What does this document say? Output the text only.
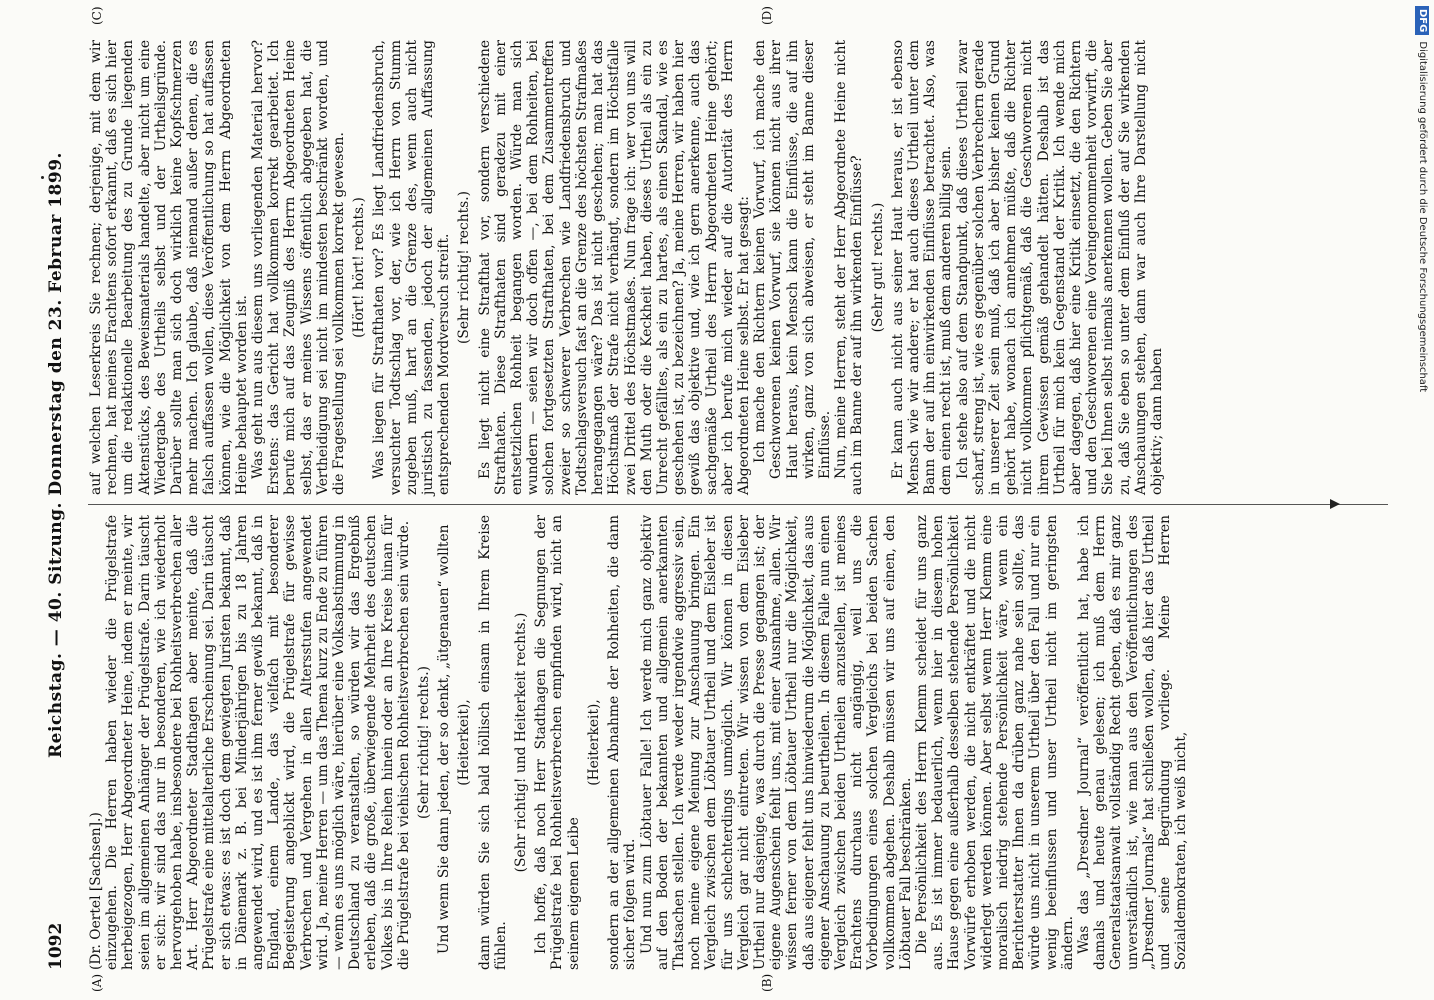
1092
Reichstag. — 40. Sitzung. Donnerstag den 23. Februar 1899.
(A)	(B)
(C)	(D)

(Dr. Oertel [Sachsen].) einzugehen. Die Herren haben wieder die Prügelstrafe herbeigezogen, Herr Abgeordneter Heine, indem er meinte, wir seien im allgemeinen Anhänger der Prügelstrafe. Darin täuscht er sich: wir sind das nur in besonderen, wie ich wiederholt hervorgehoben habe, insbesondere bei Rohheitsverbrechen aller Art. Herr Abgeordneter Stadthagen aber meinte, daß die Prügelstrafe eine mittelalterliche Erscheinung sei. Darin täuscht er sich etwas: es ist doch dem gewiegten Juristen bekannt, daß in Dänemark z. B. bei Minderjährigen bis zu 18 Jahren angewendet wird, und es ist ihm ferner gewiß bekannt, daß in England, einem Lande, das vielfach mit besonderer Begeisterung angeblickt wird, die Prügelstrafe für gewisse Verbrechen und Vergehen in allen Altersstufen angewendet wird. Ja, meine Herren — um das Thema kurz zu Ende zu führen — wenn es uns möglich wäre, hierüber eine Volksabstimmung in Deutschland zu veranstalten, so würden wir das Ergebniß erleben, daß die große, überwiegende Mehrheit des deutschen Volkes bis in Ihre Reihen hinein oder an Ihre Kreise hinan für die Prügelstrafe bei viehischen Rohheitsverbrechen sein würde. (Sehr richtig! rechts.) Und wenn Sie dann jeden, der so denkt, „ütgenauen“ wollten (Heiterkeit), dann würden Sie sich bald höllisch einsam in Ihrem Kreise fühlen.

(Sehr richtig! und Heiterkeit rechts.) Ich hoffe, daß noch Herr Stadthagen die Segnungen der Prügelstrafe bei Rohheitsverbrechen empfinden wird, nicht an seinem eigenen Leibe

(Heiterkeit), sondern an der allgemeinen Abnahme der Rohheiten, die dann sicher folgen wird. Und nun zum Löbtauer Falle! Ich werde mich ganz objektiv auf den Boden der bekannten und allgemein anerkannten Thatsachen stellen. Ich werde weder irgendwie aggressiv sein, noch meine eigene Meinung zur Anschauung bringen. Ein Vergleich zwischen dem Löbtauer Urtheil und dem Eisleber ist für uns schlechterdings unmöglich. Wir können in diesen Vergleich gar nicht eintreten. Wir wissen von dem Eisleber Urtheil nur dasjenige, was durch die Presse gegangen ist; der eigene Augenschein fehlt uns, mit einer Ausnahme, allen. Wir wissen ferner von dem Löbtauer Urtheil nur die Möglichkeit, daß aus eigener fehlt uns hinwiederum die Möglichkeit, das aus eigener Anschauung zu beurtheilen. In diesem Falle nun einen Vergleich zwischen beiden Urtheilen anzustellen, ist meines Erachtens durchaus nicht angängig, weil uns die Vorbedingungen eines solchen Vergleichs bei beiden Sachen vollkommen abgehen. Deshalb müssen wir uns auf einen, den Löbtauer Fall beschränken. Die Persönlichkeit des Herrn Klemm scheidet für uns ganz aus. Es ist immer bedauerlich, wenn hier in diesem hohen Hause gegen eine außerhalb desselben stehende Persönlichkeit Vorwürfe erhoben werden, die nicht entkräftet und die nicht widerlegt werden können. Aber selbst wenn Herr Klemm eine moralisch niedrig stehende Persönlichkeit wäre, wenn ein Berichterstatter Ihnen da drüben ganz nahe sein sollte, das würde uns nicht in unserem Urtheil über den Fall und nur ein wenig beeinflussen und unser Urtheil nicht im geringsten ändern. Was das „Dresdner Journal“ veröffentlicht hat, habe ich damals und heute genau gelesen; ich muß dem Herrn Generalstaatsanwalt vollständig Recht geben, daß es mir ganz unverständlich ist, wie man aus den Veröffentlichungen des „Dresdner Journals“ hat schließen wollen, daß hier das Urtheil und seine Begründung vorliege. Meine Herren Sozialdemokraten, ich weiß nicht,

auf welchen Leserkreis Sie rechnen; derjenige, mit dem wir rechnen, hat meines Erachtens sofort erkannt, daß es sich hier um die redaktionelle Bearbeitung des zu Grunde liegenden Aktenstücks, des Beweismaterials handelte, aber nicht um eine Wiedergabe des Urtheils selbst und der Urtheilsgründe. Darüber sollte man sich doch wirklich keine Kopfschmerzen mehr machen. Ich glaube, daß niemand außer denen, die es falsch auffassen wollen, diese Veröffentlichung so hat auffassen können, wie die Möglichkeit von dem Herrn Abgeordneten Heine behauptet worden ist. Was geht nun aus diesem uns vorliegenden Material hervor? Erstens: das Gericht hat vollkommen korrekt gearbeitet. Ich berufe mich auf das Zeugniß des Herrn Abgeordneten Heine selbst, das er meines Wissens öffentlich abgegeben hat, die Vertheidigung sei nicht im mindesten beschränkt worden, und die Fragestellung sei vollkommen korrekt gewesen. (Hört! hört! rechts.) Was liegen für Strafthaten vor? Es liegt Landfriedensbruch, versuchter Todtschlag vor, der, wie ich Herrn von Stumm zugeben muß, hart an die Grenze des, wenn auch nicht juristisch zu fassenden, jedoch der allgemeinen Auffassung entsprechenden Mordversuch streift. (Sehr richtig! rechts.) Es liegt nicht eine Strafthat vor, sondern verschiedene Strafthaten. Diese Strafthaten sind geradezu mit einer entsetzlichen Rohheit begangen worden. Würde man sich wundern — seien wir doch offen —, bei dem Rohheiten, bei solchen fortgesetzten Strafthaten, bei dem Zusammentreffen zweier so schwerer Verbrechen wie Landfriedensbruch und Todtschlagsversuch fast an die Grenze des höchsten Strafmaßes herangegangen wäre? Das ist nicht geschehen; man hat das Höchstmaß der Strafe nicht verhängt, sondern im Höchstfalle zwei Drittel des Höchstmaßes. Nun frage ich: wer von uns will den Muth oder die Keckheit haben, dieses Urtheil als ein zu Unrecht gefälltes, als ein zu hartes, als einen Skandal, wie es geschehen ist, zu bezeichnen? Ja, meine Herren, wir haben hier gewiß das objektive und, wie ich gern anerkenne, auch das sachgemäße Urtheil des Herrn Abgeordneten Heine gehört; aber ich berufe mich wieder auf die Autorität des Herrn Abgeordneten Heine selbst. Er hat gesagt: Ich mache den Richtern keinen Vorwurf, ich mache den Geschworenen keinen Vorwurf, sie können nicht aus ihrer Haut heraus, kein Mensch kann die Einflüsse, die auf ihn wirken, ganz von sich abweisen, er steht im Banne dieser Einflüsse. Nun, meine Herren, steht der Herr Abgeordnete Heine nicht auch im Banne der auf ihn wirkenden Einflüsse? (Sehr gut! rechts.) Er kann auch nicht aus seiner Haut heraus, er ist ebenso Mensch wie wir andere; er hat auch dieses Urtheil unter dem Bann der auf ihn einwirkenden Einflüsse betrachtet. Also, was dem einen recht ist, muß dem anderen billig sein. Ich stehe also auf dem Standpunkt, daß dieses Urtheil zwar scharf, streng ist, wie es gegenüber solchen Verbrechern gerade in unserer Zeit sein muß, daß ich aber bisher keinen Grund gehört habe, wonach ich annehmen müßte, daß die Richter nicht vollkommen pflichtgemäß, daß die Geschworenen nicht ihrem Gewissen gemäß gehandelt hätten. Deshalb ist das Urtheil für mich kein Gegenstand der Kritik. Ich wende mich aber dagegen, daß hier eine Kritik einsetzt, die den Richtern und den Geschworenen eine Voreingenommenheit vorwirft, die Sie bei Ihnen selbst niemals anerkennen wollen. Geben Sie aber zu, daß Sie eben so unter dem Einfluß der auf Sie wirkenden Anschauungen stehen, dann war auch Ihre Darstellung nicht objektiv; dann haben

DFGDigitalisierung gefördert durch die Deutsche Forschungsgemeinschaft
